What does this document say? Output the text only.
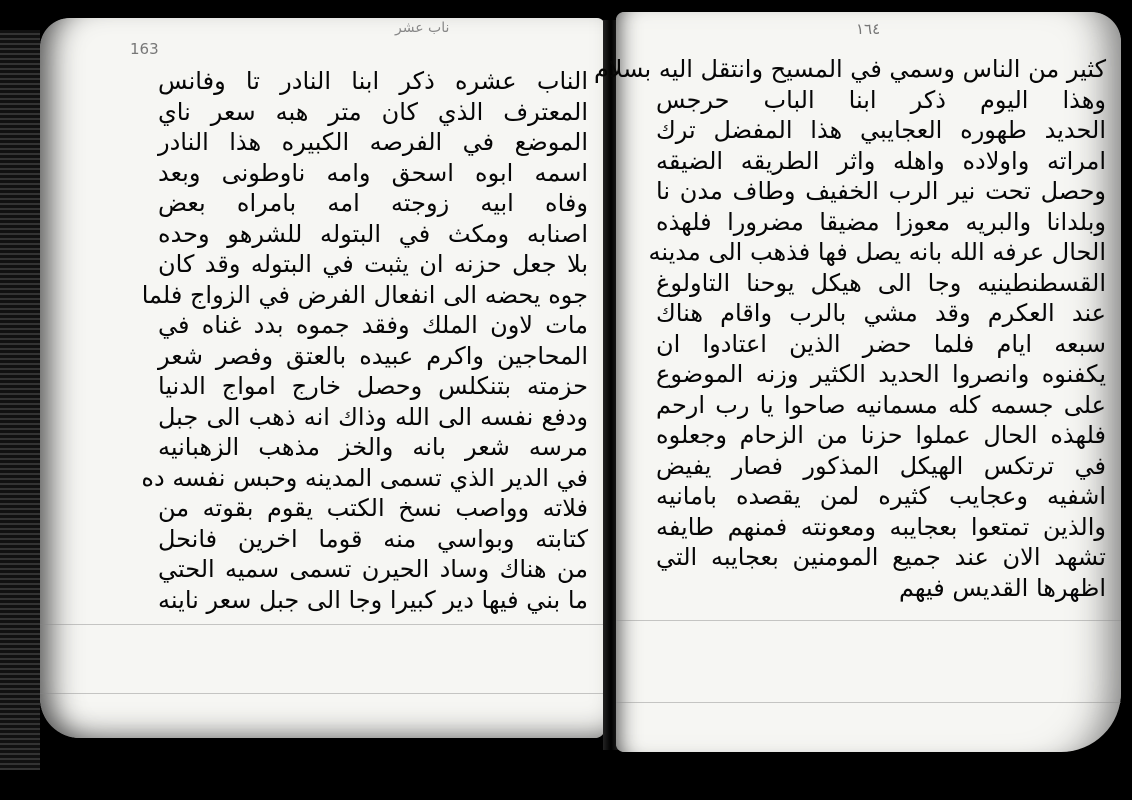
163
ناب عشر
الناب عشره ذكر ابنا النادر تا وفانس
المعترف الذي كان متر هبه سعر ناي
الموضع في الفرصه الكبيره هذا النادر
اسمه ابوه اسحق وامه ناوطونى وبعد
وفاه ابيه زوجته امه بامراه بعض
اصنابه ومكث في البتوله للشرهو وحده
بلا جعل حزنه ان يثبت في البتوله وقد كان
جوه يحضه الى انفعال الفرض في الزواج فلما
مات لاون الملك وفقد جموه بدد غناه في
المحاجين واكرم عبيده بالعتق وفصر شعر
حزمته بتنكلس وحصل خارج امواج الدنيا
ودفع نفسه الى الله وذاك انه ذهب الى جبل
مرسه شعر بانه والخز مذهب الزهبانيه
في الدير الذي تسمى المدينه وحبس نفسه ده
فلاته وواصب نسخ الكتب يقوم بقوته من
كتابته وبواسي منه قوما اخرين فانحل
من هناك وساد الحيرن تسمى سميه الحتي
ما بني فيها دير كبيرا وجا الى جبل سعر ناينه
١٦٤
كثير من الناس وسمي في المسيح وانتقل اليه بسلام
وهذا اليوم ذكر ابنا الباب حرجس
الحديد طهوره العجايبي هذا المفضل ترك
امراته واولاده واهله واثر الطريقه الضيقه
وحصل تحت نير الرب الخفيف وطاف مدن نا
وبلدانا والبريه معوزا مضيقا مضرورا فلهذه
الحال عرفه الله بانه يصل فها فذهب الى مدينه
القسطنطينيه وجا الى هيكل يوحنا التاولوغ
عند العكرم وقد مشي بالرب واقام هناك
سبعه ايام فلما حضر الذين اعتادوا ان
يكفنوه وانصروا الحديد الكثير وزنه الموضوع
على جسمه كله مسمانيه صاحوا يا رب ارحم
فلهذه الحال عملوا حزنا من الزحام وجعلوه
في ترتكس الهيكل المذكور فصار يفيض
اشفيه وعجايب كثيره لمن يقصده بامانيه
والذين تمتعوا بعجايبه ومعونته فمنهم طايفه
تشهد الان عند جميع المومنين بعجايبه التي
اظهرها القديس فيهم
